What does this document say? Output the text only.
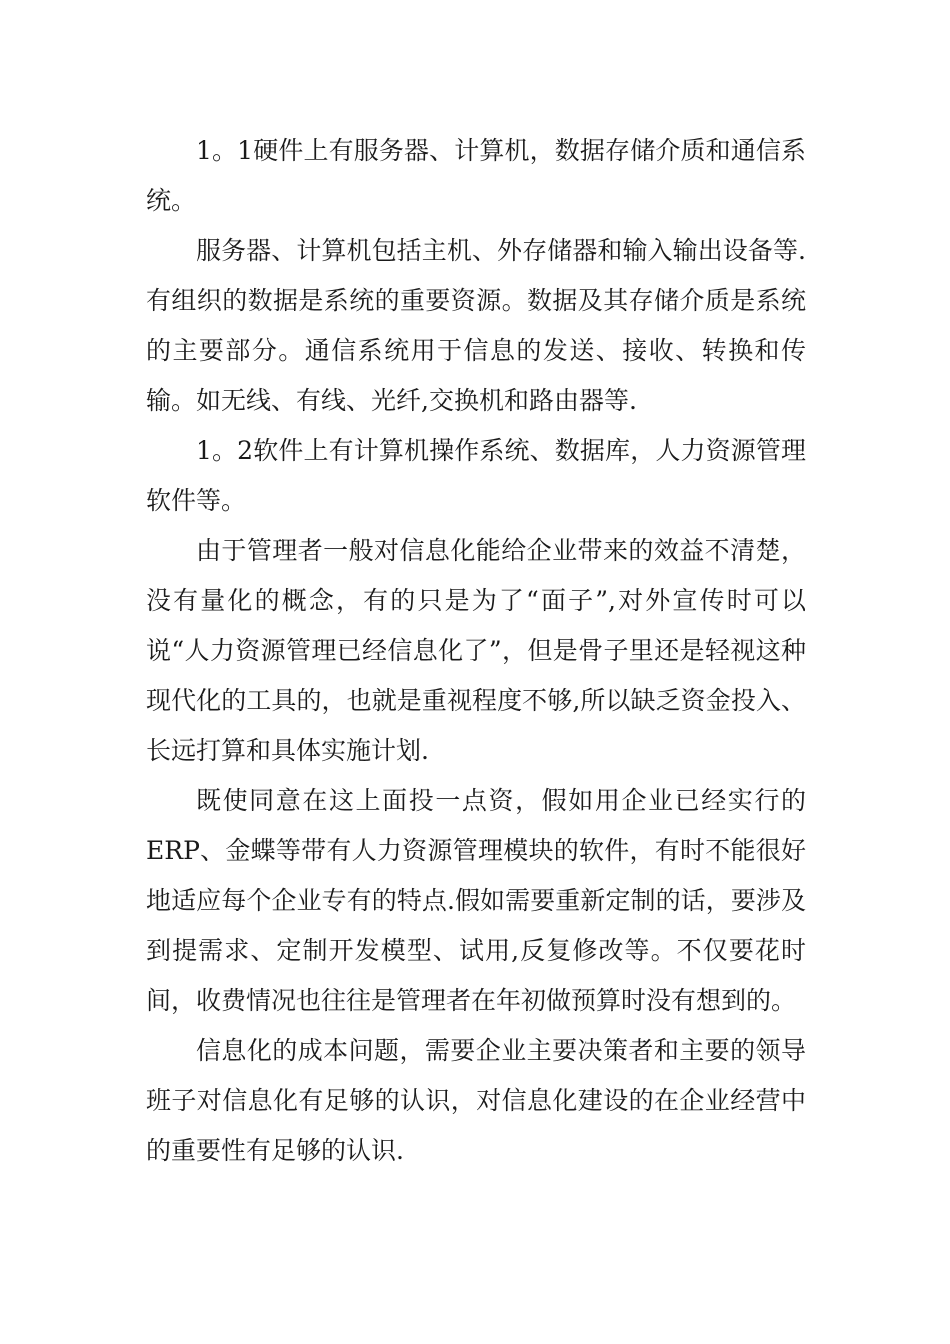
1。1硬件上有服务器、计算机，数据存储介质和通信系统。

服务器、计算机包括主机、外存储器和输入输出设备等.有组织的数据是系统的重要资源。数据及其存储介质是系统的主要部分。通信系统用于信息的发送、接收、转换和传输。如无线、有线、光纤,交换机和路由器等.

1。2软件上有计算机操作系统、数据库，人力资源管理软件等。

由于管理者一般对信息化能给企业带来的效益不清楚，没有量化的概念，有的只是为了“面子”,对外宣传时可以说“人力资源管理已经信息化了”，但是骨子里还是轻视这种现代化的工具的，也就是重视程度不够,所以缺乏资金投入、长远打算和具体实施计划.

既使同意在这上面投一点资，假如用企业已经实行的ERP、金蝶等带有人力资源管理模块的软件，有时不能很好地适应每个企业专有的特点.假如需要重新定制的话，要涉及到提需求、定制开发模型、试用,反复修改等。不仅要花时间，收费情况也往往是管理者在年初做预算时没有想到的。

信息化的成本问题，需要企业主要决策者和主要的领导班子对信息化有足够的认识，对信息化建设的在企业经营中的重要性有足够的认识.
